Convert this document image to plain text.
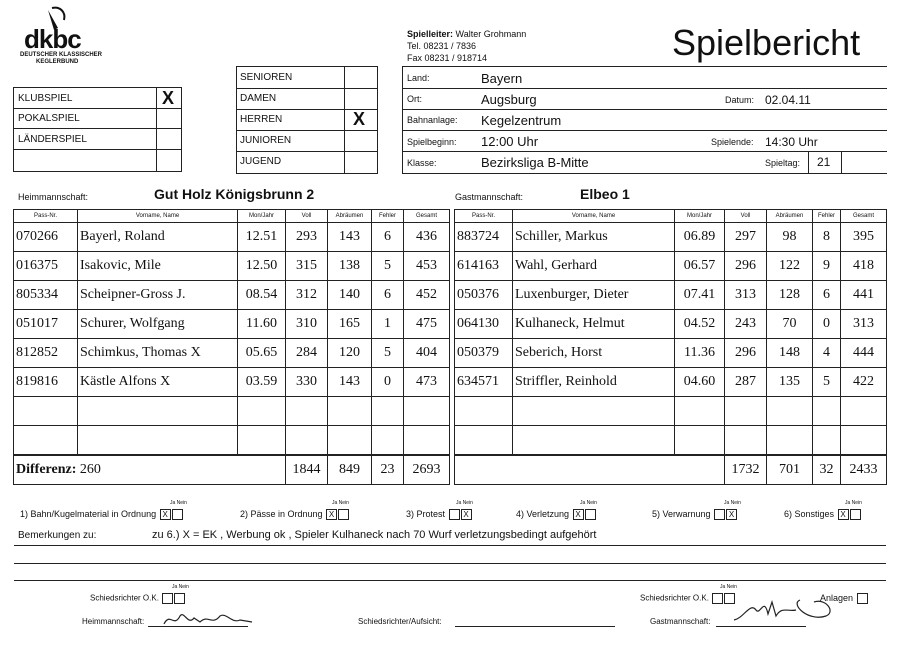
dkbc
DEUTSCHER KLASSISCHER
KEGLERBUND
Spielleiter: Walter Grohmann
Tel. 08231 / 7836
Fax 08231 / 918714	Spielbericht
KLUBSPIEL	X
POKALSPIEL
LÄNDERSPIEL
SENIOREN
DAMEN
HERREN	X
JUNIOREN
JUGEND
Land:	Bayern
Ort:	Augsburg	Datum: 02.04.11
Bahnanlage: Kegelzentrum
Spielbeginn: 12:00 Uhr	Spielende: 14:30 Uhr
Klasse:	Bezirksliga B-Mitte	Spieltag: 21
Heimmannschaft:	Gut Holz Königsbrunn 2	Gastmannschaft:	Elbeo 1
Pass-Nr.	Vorname, Name	Mon/Jahr	Voll	Abräumen	Fehler	Gesamt
070266	Bayerl, Roland	12.51	293	143	6	436
016375	Isakovic, Mile	12.50	315	138	5	453
805334	Scheipner-Gross J.	08.54	312	140	6	452
051017	Schurer, Wolfgang	11.60	310	165	1	475
812852	Schimkus, Thomas X	05.65	284	120	5	404
819816	Kästle Alfons X	03.59	330	143	0	473

Differenz: 260			1844	849	23	2693
Pass-Nr.	Vorname, Name	Mon/Jahr	Voll	Abräumen	Fehler	Gesamt
883724	Schiller, Markus	06.89	297	98	8	395
614163	Wahl, Gerhard	06.57	296	122	9	418
050376	Luxenburger, Dieter	07.41	313	128	6	441
064130	Kulhaneck, Helmut	04.52	243	70	0	313
050379	Seberich, Horst	11.36	296	148	4	444
634571	Striffler, Reinhold	04.60	287	135	5	422

			1732	701	32	2433
Ja Nein
1) Bahn/Kugelmaterial in Ordnung X
Ja Nein
2) Pässe in Ordnung X
Ja Nein
3) Protest X
Ja Nein
4) Verletzung X
Ja Nein
5) Verwarnung X
Ja Nein
6) Sonstiges X
Bemerkungen zu:	zu 6.) X = EK , Werbung ok , Spieler Kulhaneck nach 70 Wurf verletzungsbedingt aufgehört
Ja Nein
Schiedsrichter O.K.
Ja Nein
Schiedsrichter O.K.	Anlagen
Heimmannschaft:	Schiedsrichter/Aufsicht:	Gastmannschaft:
